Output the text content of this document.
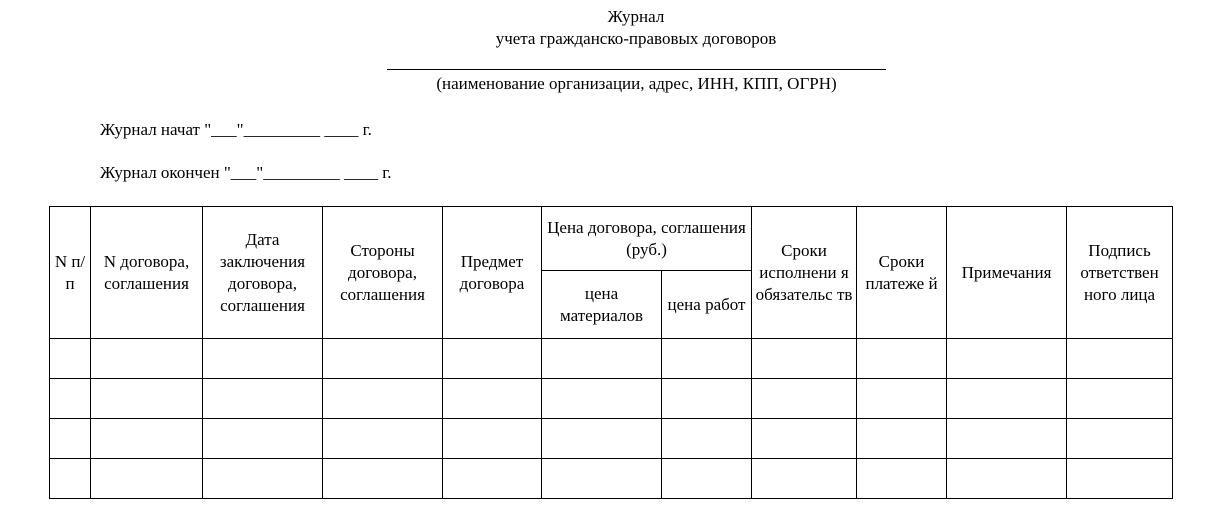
Журнал
учета гражданско-правовых договоров
(наименование организации, адрес, ИНН, КПП, ОГРН)
Журнал начат "___"_________ ____ г.
Журнал окончен "___"_________ ____ г.
N п/п	N договора, соглашения	Дата заключения договора, соглашения	Стороны договора, соглашения	Предмет договора	Цена договора, соглашения (руб.)		Сроки исполнени я обязательс тв	Сроки платеже й	Примечания	Подпись ответствен ного лица
					цена материалов	цена работ				
